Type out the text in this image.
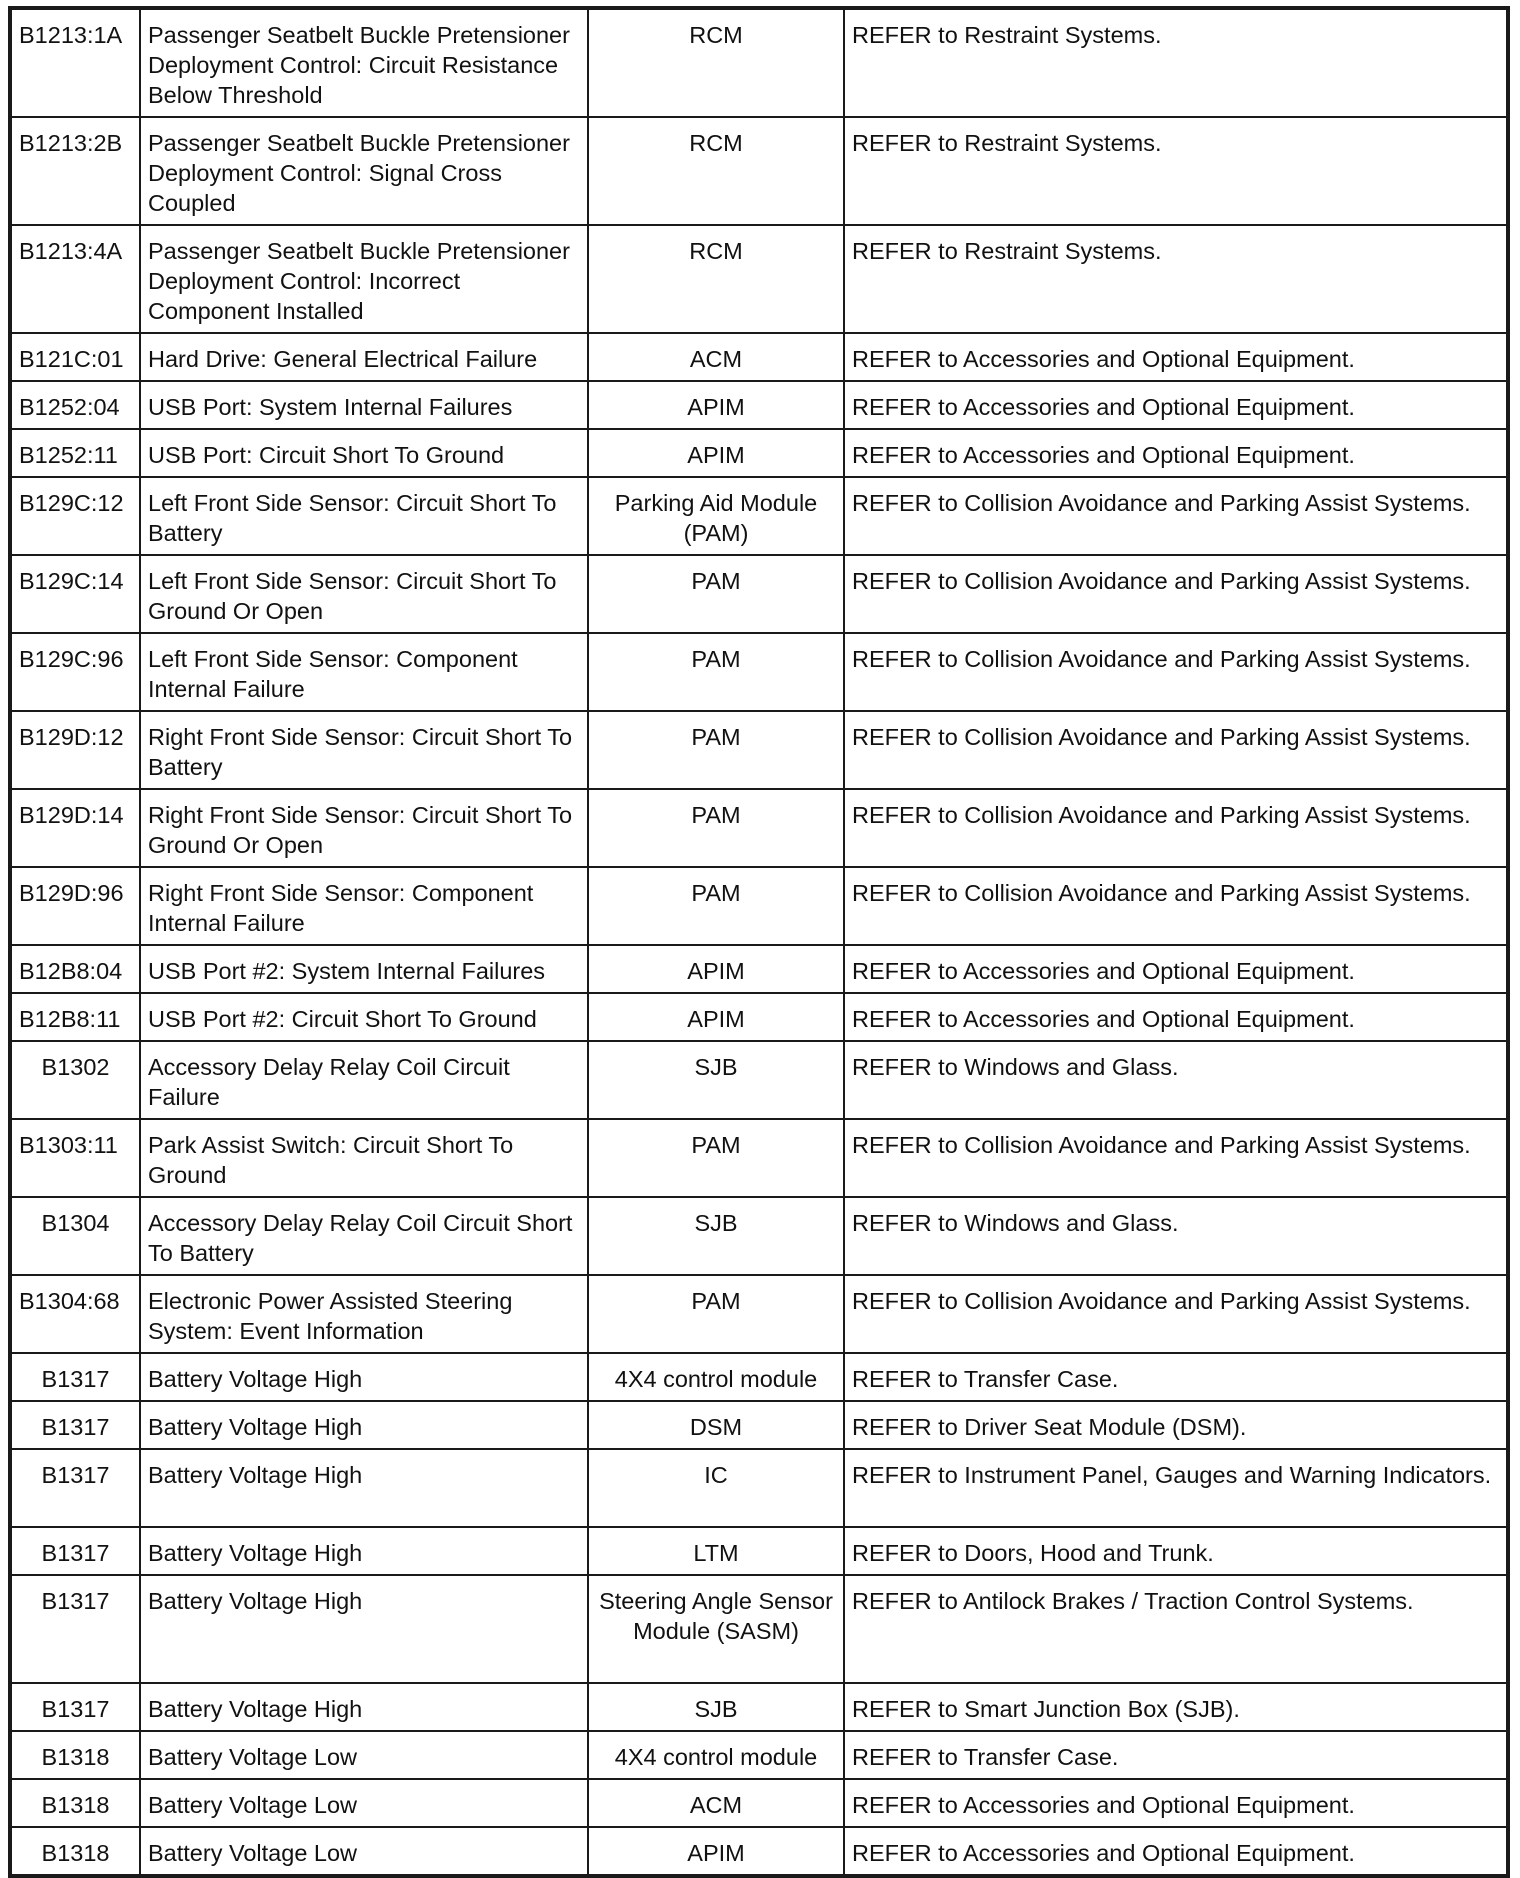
B1213:1A	Passenger Seatbelt Buckle Pretensioner Deployment Control: Circuit Resistance Below Threshold	RCM	REFER to Restraint Systems.
B1213:2B	Passenger Seatbelt Buckle Pretensioner Deployment Control: Signal Cross Coupled	RCM	REFER to Restraint Systems.
B1213:4A	Passenger Seatbelt Buckle Pretensioner Deployment Control: Incorrect Component Installed	RCM	REFER to Restraint Systems.
B121C:01	Hard Drive: General Electrical Failure	ACM	REFER to Accessories and Optional Equipment.
B1252:04	USB Port: System Internal Failures	APIM	REFER to Accessories and Optional Equipment.
B1252:11	USB Port: Circuit Short To Ground	APIM	REFER to Accessories and Optional Equipment.
B129C:12	Left Front Side Sensor: Circuit Short To Battery	Parking Aid Module (PAM)	REFER to Collision Avoidance and Parking Assist Systems.
B129C:14	Left Front Side Sensor: Circuit Short To Ground Or Open	PAM	REFER to Collision Avoidance and Parking Assist Systems.
B129C:96	Left Front Side Sensor: Component Internal Failure	PAM	REFER to Collision Avoidance and Parking Assist Systems.
B129D:12	Right Front Side Sensor: Circuit Short To Battery	PAM	REFER to Collision Avoidance and Parking Assist Systems.
B129D:14	Right Front Side Sensor: Circuit Short To Ground Or Open	PAM	REFER to Collision Avoidance and Parking Assist Systems.
B129D:96	Right Front Side Sensor: Component Internal Failure	PAM	REFER to Collision Avoidance and Parking Assist Systems.
B12B8:04	USB Port #2: System Internal Failures	APIM	REFER to Accessories and Optional Equipment.
B12B8:11	USB Port #2: Circuit Short To Ground	APIM	REFER to Accessories and Optional Equipment.
B1302	Accessory Delay Relay Coil Circuit Failure	SJB	REFER to Windows and Glass.
B1303:11	Park Assist Switch: Circuit Short To Ground	PAM	REFER to Collision Avoidance and Parking Assist Systems.
B1304	Accessory Delay Relay Coil Circuit Short To Battery	SJB	REFER to Windows and Glass.
B1304:68	Electronic Power Assisted Steering System: Event Information	PAM	REFER to Collision Avoidance and Parking Assist Systems.
B1317	Battery Voltage High	4X4 control module	REFER to Transfer Case.
B1317	Battery Voltage High	DSM	REFER to Driver Seat Module (DSM).
B1317	Battery Voltage High	IC	REFER to Instrument Panel, Gauges and Warning Indicators.
B1317	Battery Voltage High	LTM	REFER to Doors, Hood and Trunk.
B1317	Battery Voltage High	Steering Angle Sensor Module (SASM)	REFER to Antilock Brakes / Traction Control Systems.
B1317	Battery Voltage High	SJB	REFER to Smart Junction Box (SJB).
B1318	Battery Voltage Low	4X4 control module	REFER to Transfer Case.
B1318	Battery Voltage Low	ACM	REFER to Accessories and Optional Equipment.
B1318	Battery Voltage Low	APIM	REFER to Accessories and Optional Equipment.
